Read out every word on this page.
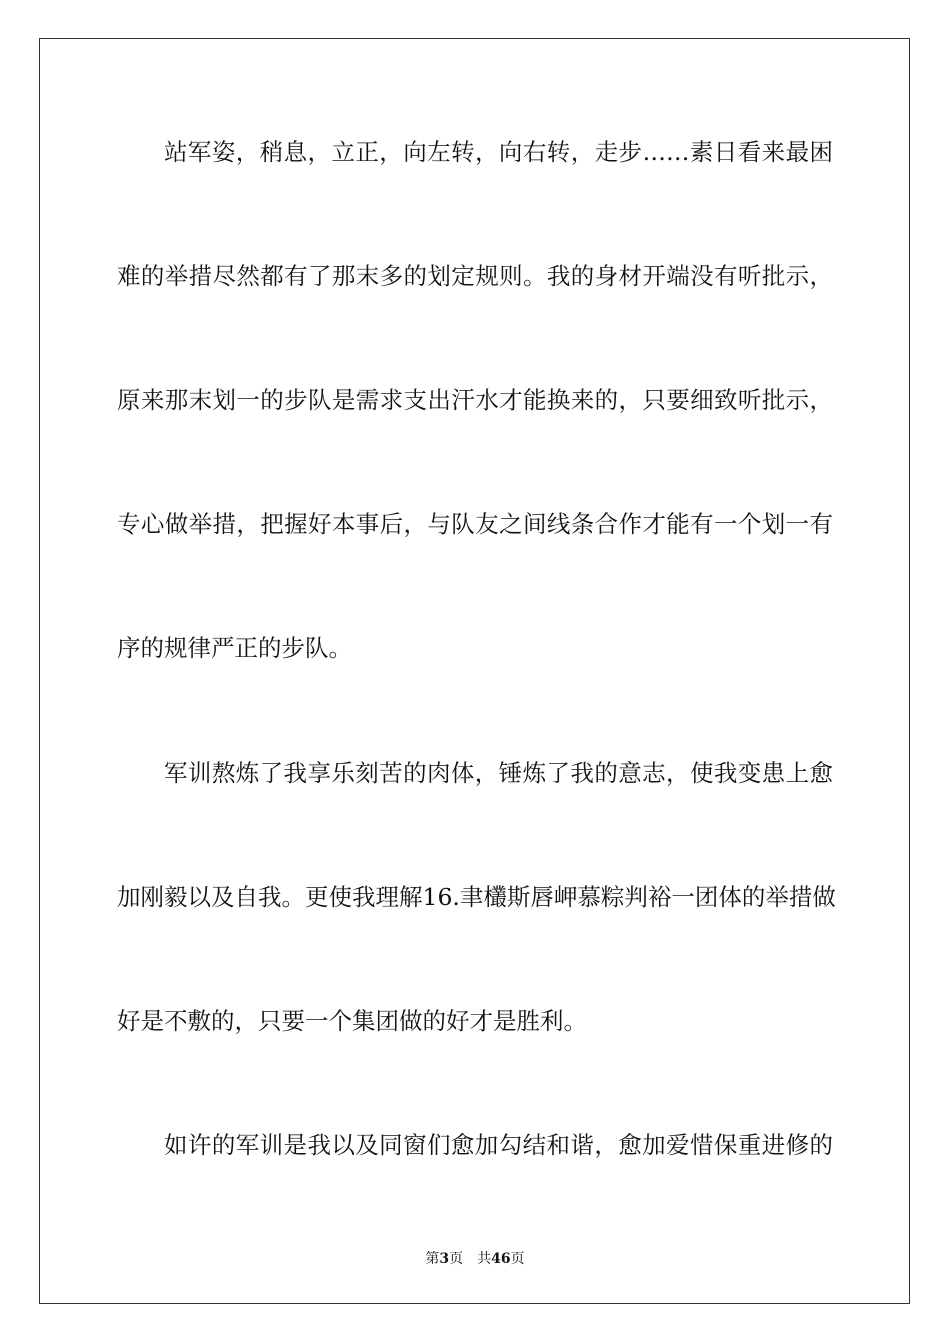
站军姿，稍息，立正，向左转，向右转，走步……素日看来最困

难的举措尽然都有了那末多的划定规则。我的身材开端没有听批示，

原来那末划一的步队是需求支出汗水才能换来的，只要细致听批示，

专心做举措，把握好本事后，与队友之间线条合作才能有一个划一有

序的规律严正的步队。

军训熬炼了我享乐刻苦的肉体，锤炼了我的意志，使我变患上愈

加刚毅以及自我。更使我理解16.聿欉斯唇岬慕粽判裕一团体的举措做

好是不敷的，只要一个集团做的好才是胜利。

如许的军训是我以及同窗们愈加勾结和谐，愈加爱惜保重进修的

第3页 共46页
